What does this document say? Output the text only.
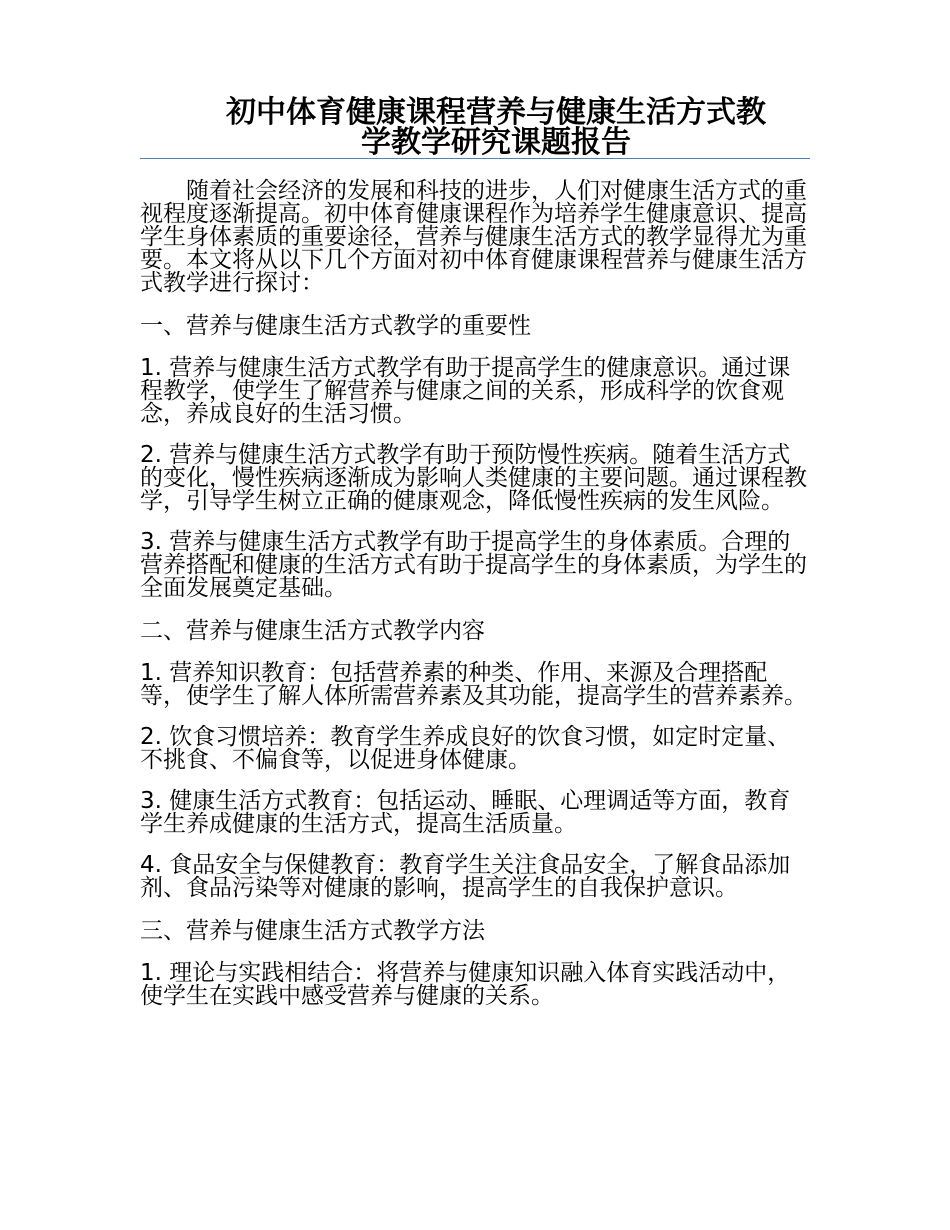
初中体育健康课程营养与健康生活方式教
学教学研究课题报告

随着社会经济的发展和科技的进步，人们对健康生活方式的重视程度逐渐提高。初中体育健康课程作为培养学生健康意识、提高学生身体素质的重要途径，营养与健康生活方式的教学显得尤为重要。本文将从以下几个方面对初中体育健康课程营养与健康生活方式教学进行探讨：

一、营养与健康生活方式教学的重要性

1. 营养与健康生活方式教学有助于提高学生的健康意识。通过课程教学，使学生了解营养与健康之间的关系，形成科学的饮食观念，养成良好的生活习惯。

2. 营养与健康生活方式教学有助于预防慢性疾病。随着生活方式的变化，慢性疾病逐渐成为影响人类健康的主要问题。通过课程教学，引导学生树立正确的健康观念，降低慢性疾病的发生风险。

3. 营养与健康生活方式教学有助于提高学生的身体素质。合理的营养搭配和健康的生活方式有助于提高学生的身体素质，为学生的全面发展奠定基础。

二、营养与健康生活方式教学内容

1. 营养知识教育：包括营养素的种类、作用、来源及合理搭配等，使学生了解人体所需营养素及其功能，提高学生的营养素养。

2. 饮食习惯培养：教育学生养成良好的饮食习惯，如定时定量、不挑食、不偏食等，以促进身体健康。

3. 健康生活方式教育：包括运动、睡眠、心理调适等方面，教育学生养成健康的生活方式，提高生活质量。

4. 食品安全与保健教育：教育学生关注食品安全，了解食品添加剂、食品污染等对健康的影响，提高学生的自我保护意识。

三、营养与健康生活方式教学方法

1. 理论与实践相结合：将营养与健康知识融入体育实践活动中，使学生在实践中感受营养与健康的关系。
